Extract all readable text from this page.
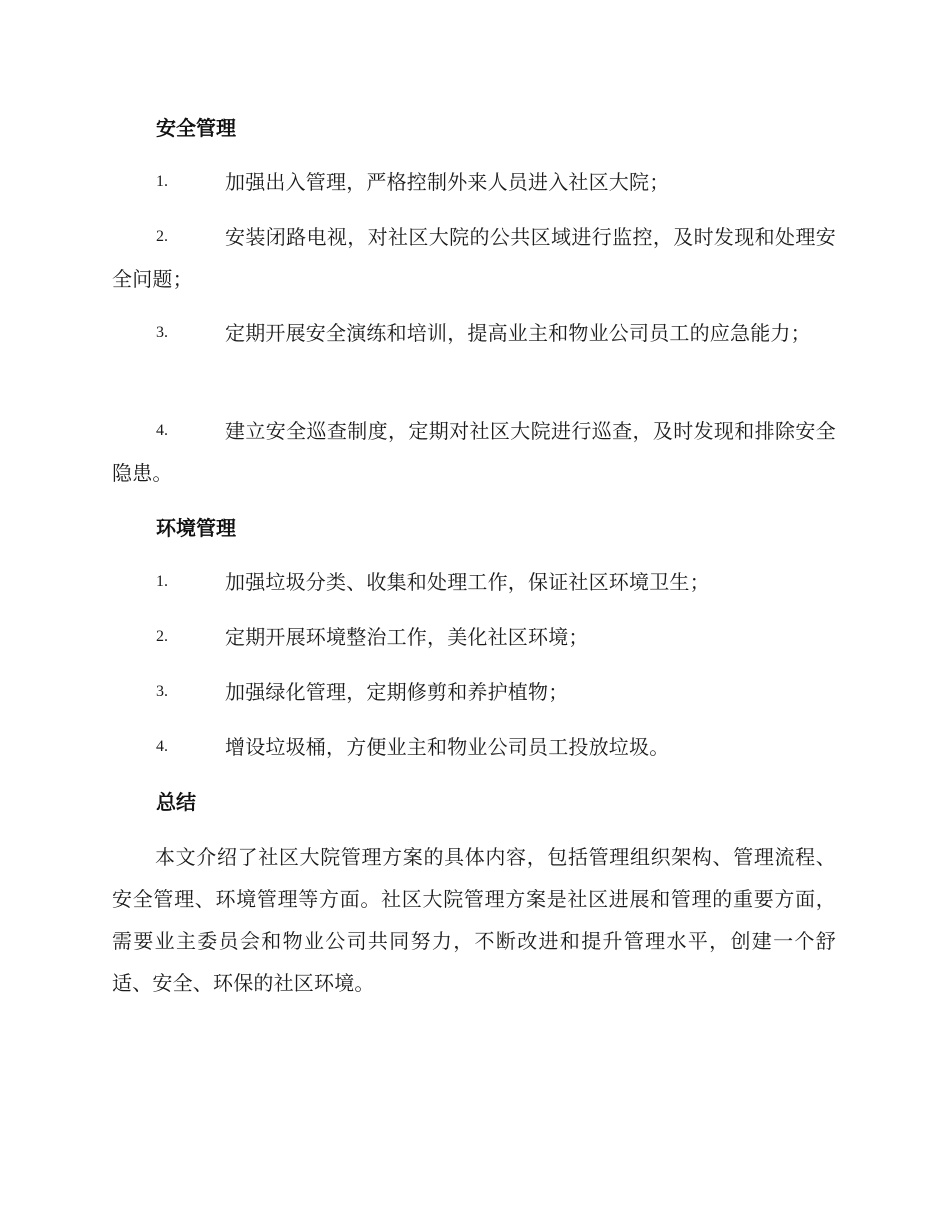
安全管理
1.	加强出入管理，严格控制外来人员进入社区大院；
2.	安装闭路电视，对社区大院的公共区域进行监控，及时发现和处理安全问题；
3.	定期开展安全演练和培训，提高业主和物业公司员工的应急能力；
4.	建立安全巡查制度，定期对社区大院进行巡查，及时发现和排除安全隐患。
环境管理
1.	加强垃圾分类、收集和处理工作，保证社区环境卫生；
2.	定期开展环境整治工作，美化社区环境；
3.	加强绿化管理，定期修剪和养护植物；
4.	增设垃圾桶，方便业主和物业公司员工投放垃圾。
总结
本文介绍了社区大院管理方案的具体内容，包括管理组织架构、管理流程、安全管理、环境管理等方面。社区大院管理方案是社区进展和管理的重要方面，需要业主委员会和物业公司共同努力，不断改进和提升管理水平，创建一个舒适、安全、环保的社区环境。
